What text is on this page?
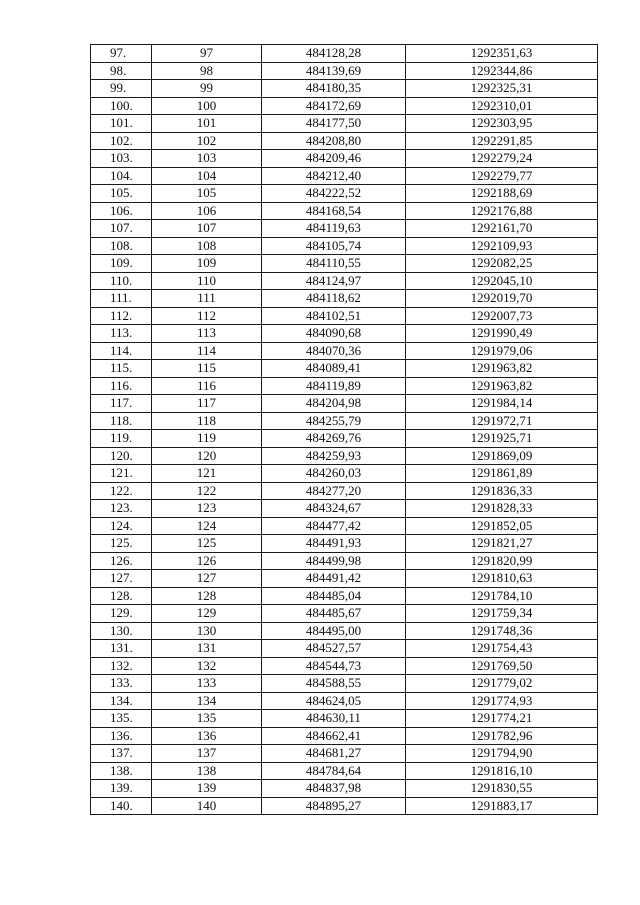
97.	97	484128,28	1292351,63
98.	98	484139,69	1292344,86
99.	99	484180,35	1292325,31
100.	100	484172,69	1292310,01
101.	101	484177,50	1292303,95
102.	102	484208,80	1292291,85
103.	103	484209,46	1292279,24
104.	104	484212,40	1292279,77
105.	105	484222,52	1292188,69
106.	106	484168,54	1292176,88
107.	107	484119,63	1292161,70
108.	108	484105,74	1292109,93
109.	109	484110,55	1292082,25
110.	110	484124,97	1292045,10
111.	111	484118,62	1292019,70
112.	112	484102,51	1292007,73
113.	113	484090,68	1291990,49
114.	114	484070,36	1291979,06
115.	115	484089,41	1291963,82
116.	116	484119,89	1291963,82
117.	117	484204,98	1291984,14
118.	118	484255,79	1291972,71
119.	119	484269,76	1291925,71
120.	120	484259,93	1291869,09
121.	121	484260,03	1291861,89
122.	122	484277,20	1291836,33
123.	123	484324,67	1291828,33
124.	124	484477,42	1291852,05
125.	125	484491,93	1291821,27
126.	126	484499,98	1291820,99
127.	127	484491,42	1291810,63
128.	128	484485,04	1291784,10
129.	129	484485,67	1291759,34
130.	130	484495,00	1291748,36
131.	131	484527,57	1291754,43
132.	132	484544,73	1291769,50
133.	133	484588,55	1291779,02
134.	134	484624,05	1291774,93
135.	135	484630,11	1291774,21
136.	136	484662,41	1291782,96
137.	137	484681,27	1291794,90
138.	138	484784,64	1291816,10
139.	139	484837,98	1291830,55
140.	140	484895,27	1291883,17
